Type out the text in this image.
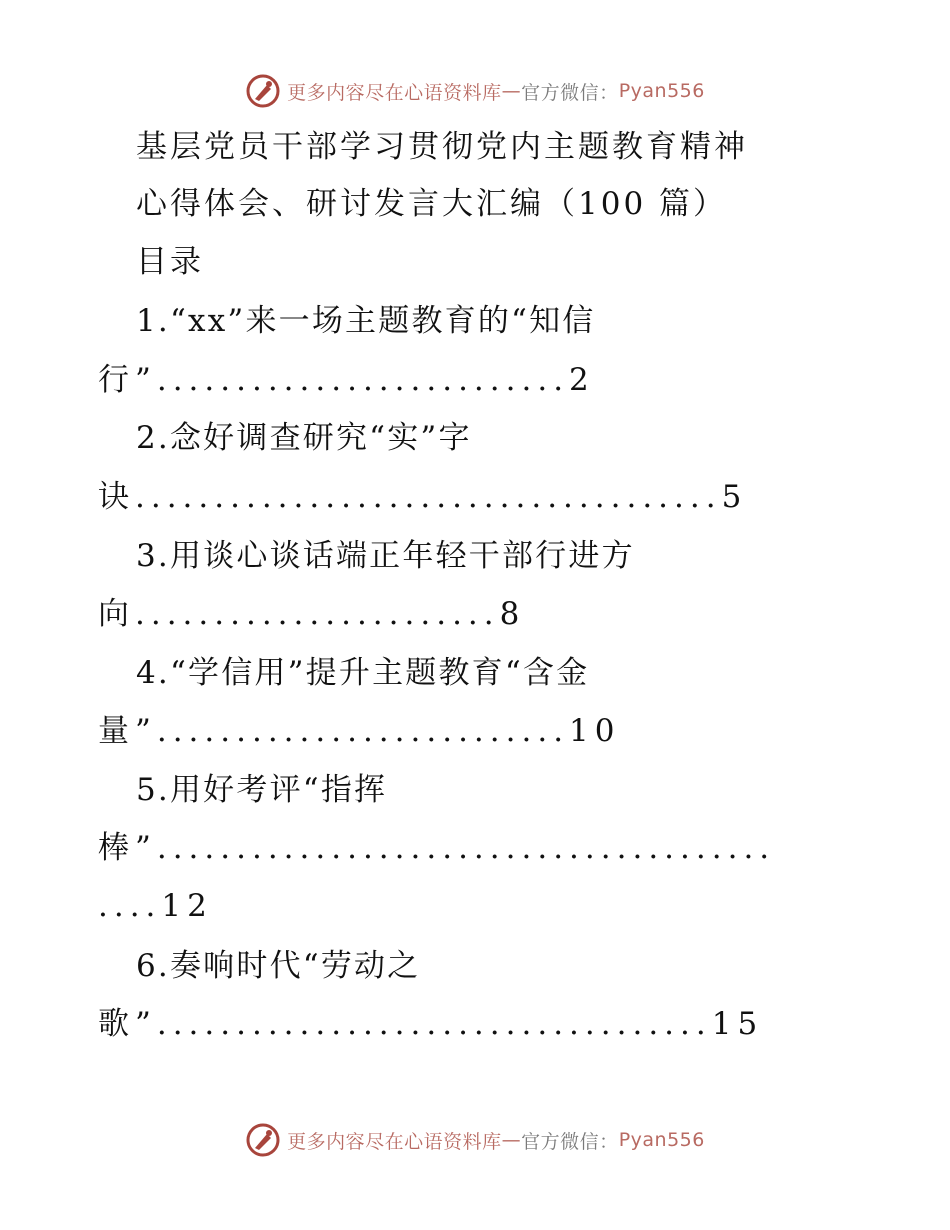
更多内容尽在心语资料库 — 官方微信： Pyan556
基层党员干部学习贯彻党内主题教育精神
心得体会、研讨发言大汇编（100 篇）
目录
1.“xx”来一场主题教育的“知信
行”..........................2
2.念好调查研究“实”字
诀.....................................5
3.用谈心谈话端正年轻干部行进方
向.......................8
4.“学信用”提升主题教育“含金
量”..........................10
5.用好考评“指挥
棒”.......................................
....12
6.奏响时代“劳动之
歌”...................................15
更多内容尽在心语资料库 — 官方微信： Pyan556
